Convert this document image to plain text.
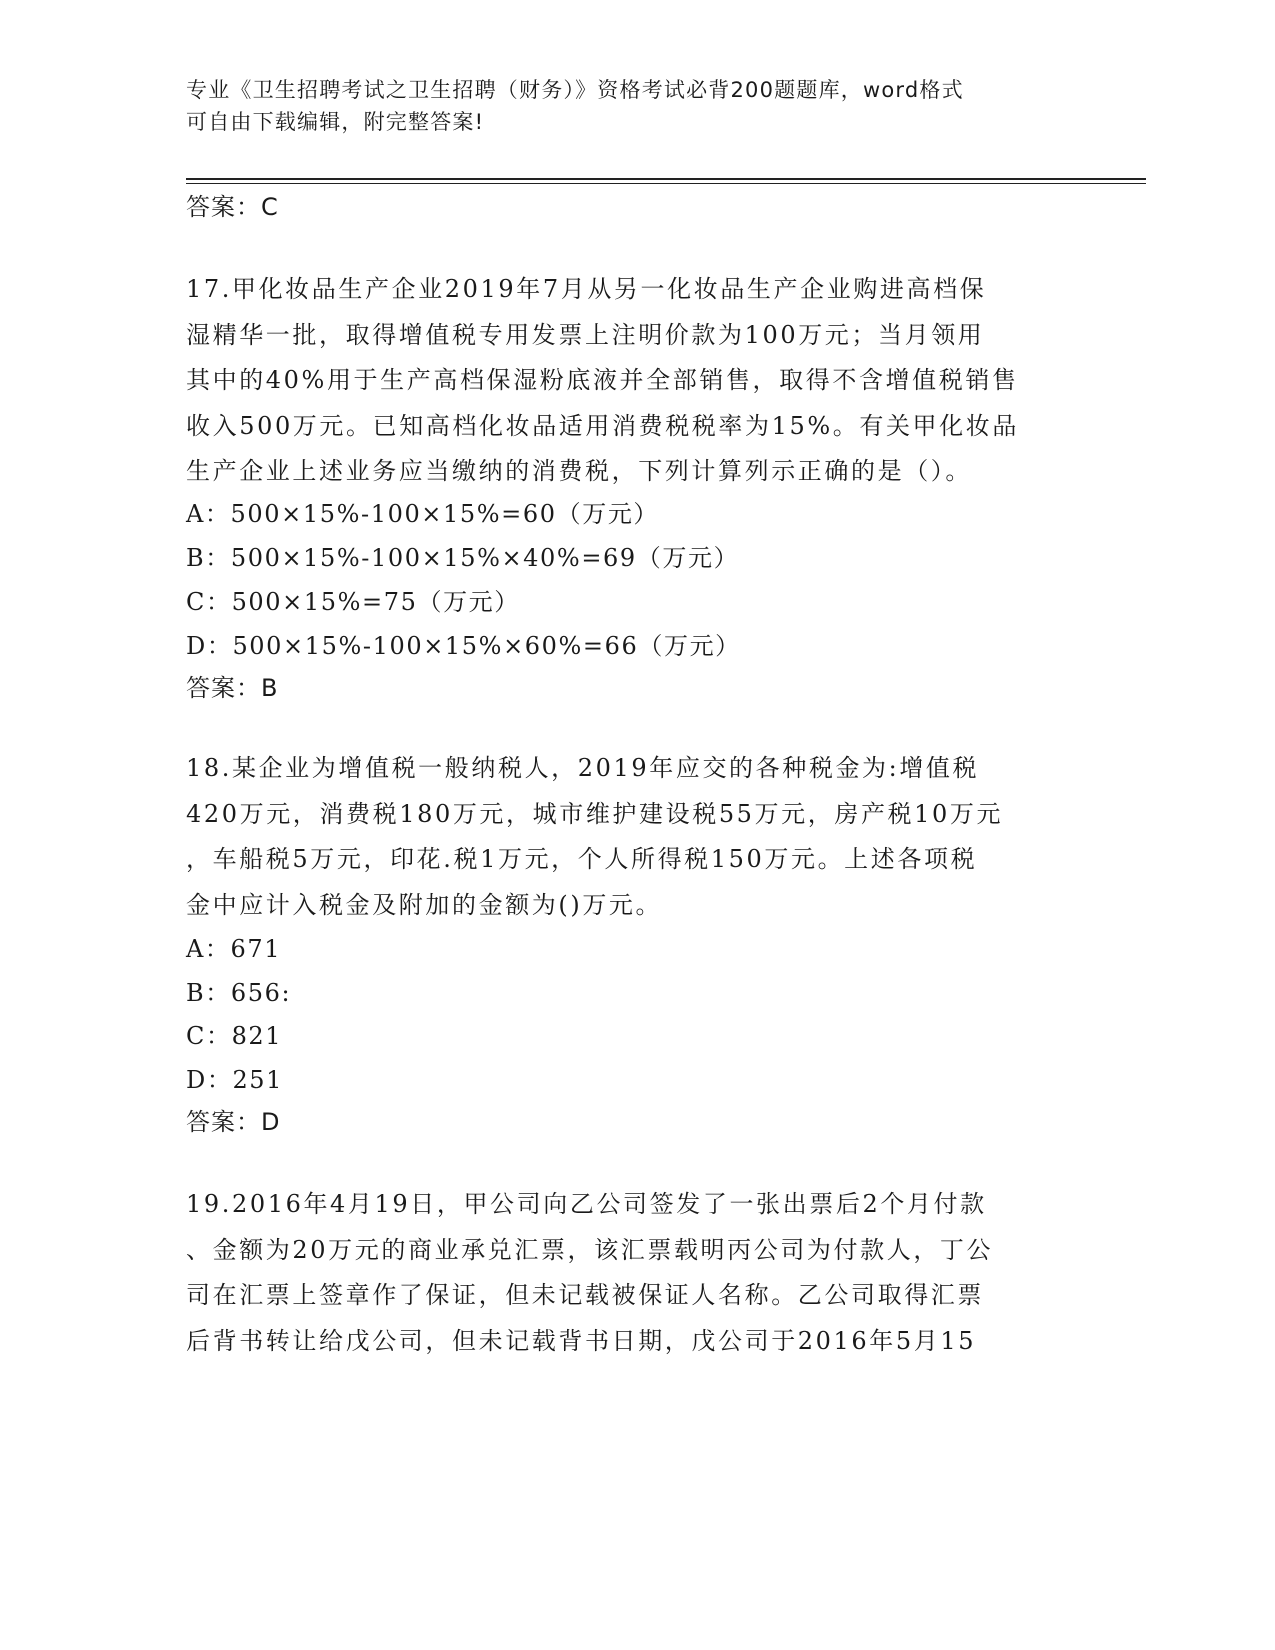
专业《卫生招聘考试之卫生招聘（财务）》资格考试必背200题题库，word格式
可自由下载编辑，附完整答案!
答案：C
17.甲化妆品生产企业2019年7月从另一化妆品生产企业购进高档保
湿精华一批，取得增值税专用发票上注明价款为100万元；当月领用
其中的40%用于生产高档保湿粉底液并全部销售，取得不含增值税销售
收入500万元。已知高档化妆品适用消费税税率为15%。有关甲化妆品
生产企业上述业务应当缴纳的消费税，下列计算列示正确的是（）。
A：500×15%-100×15%=60（万元）
B：500×15%-100×15%×40%=69（万元）
C：500×15%=75（万元）
D：500×15%-100×15%×60%=66（万元）
答案：B
18.某企业为增值税一般纳税人，2019年应交的各种税金为:增值税
420万元，消费税180万元，城市维护建设税55万元，房产税10万元
，车船税5万元，印花.税1万元，个人所得税150万元。上述各项税
金中应计入税金及附加的金额为()万元。
A：671
B：656:
C：821
D：251
答案：D
19.2016年4月19日，甲公司向乙公司签发了一张出票后2个月付款
、金额为20万元的商业承兑汇票，该汇票载明丙公司为付款人，丁公
司在汇票上签章作了保证，但未记载被保证人名称。乙公司取得汇票
后背书转让给戊公司，但未记载背书日期，戊公司于2016年5月15
